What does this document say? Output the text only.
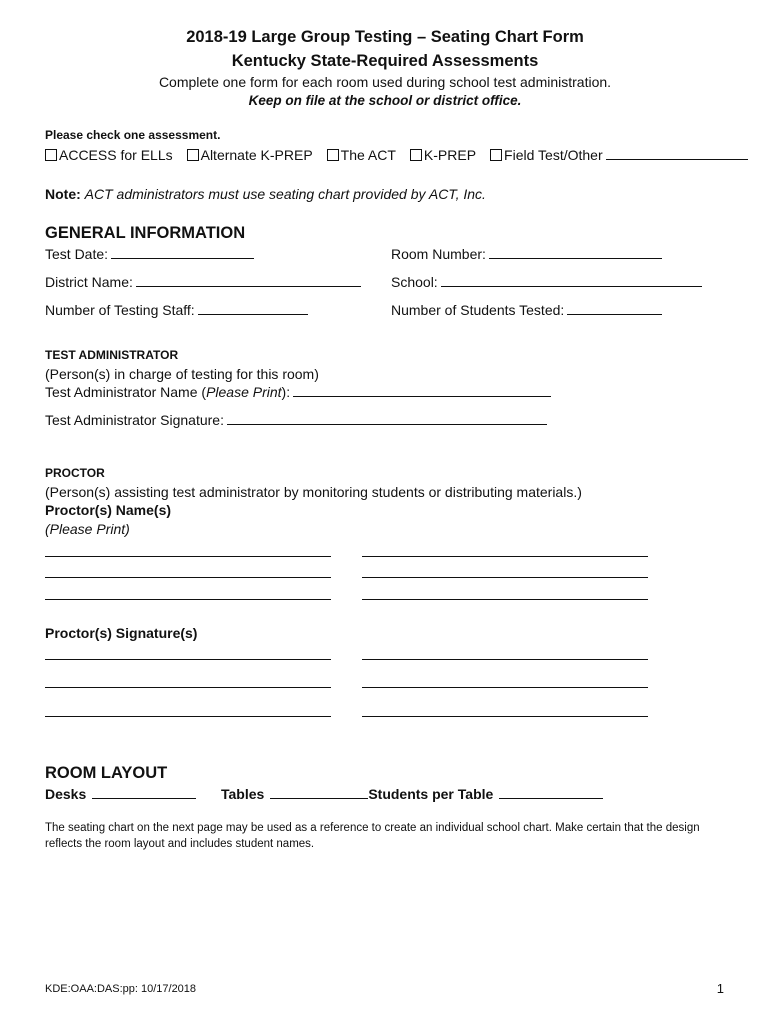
2018-19 Large Group Testing – Seating Chart Form
Kentucky State-Required Assessments
Complete one form for each room used during school test administration.
Keep on file at the school or district office.
Please check one assessment.
ACCESS for ELLs Alternate K-PREP The ACT K-PREP Field Test/Other
Note: ACT administrators must use seating chart provided by ACT, Inc.
GENERAL INFORMATION
Test Date:	Room Number:
District Name:	School:
Number of Testing Staff:	Number of Students Tested:
TEST ADMINISTRATOR
(Person(s) in charge of testing for this room)
Test Administrator Name (Please Print):
Test Administrator Signature:
PROCTOR
(Person(s) assisting test administrator by monitoring students or distributing materials.)
Proctor(s) Name(s)
(Please Print)
Proctor(s) Signature(s)
ROOM LAYOUT
Desks	Tables	Students per Table
The seating chart on the next page may be used as a reference to create an individual school chart. Make certain that the design reflects the room layout and includes student names.
KDE:OAA:DAS:pp: 10/17/2018	1
